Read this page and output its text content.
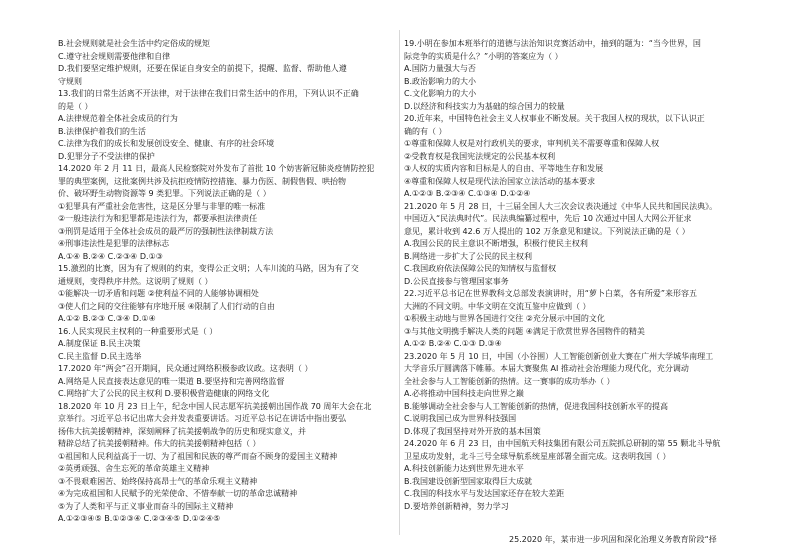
B.社会规则就是社会生活中约定俗成的规矩
C.遵守社会规则需要他律和自律
D.我们要坚定维护规则，还要在保证自身安全的前提下，提醒、监督、帮助他人遵
守规则
13.我们的日常生活离不开法律，对于法律在我们日常生活中的作用，下列认识不正确
的是（ ）
A.法律规范着全体社会成员的行为
B.法律保护着我们的生活
C.法律为我们的成长和发展创设安全、健康、有序的社会环境
D.犯罪分子不受法律的保护
14.2020 年 2 月 11 日，最高人民检察院对外发布了首批 10 个妨害新冠肺炎疫情防控犯
罪的典型案例，这批案例共涉及抗拒疫情防控措施、暴力伤医、制假售假、哄抬物
价、破坏野生动物资源等 9 类犯罪。下列说法正确的是（ ）
①犯罪具有严重社会危害性，这是区分罪与非罪的唯一标准
②一般违法行为和犯罪都是违法行为，都要承担法律责任
③刑罚是适用于全体社会成员的最严厉的强制性法律制裁方法
④刑事违法性是犯罪的法律标志
A.①④ B.②④ C.②③④ D.①③
15.激烈的比赛，因为有了规则的约束，变得公正文明；人车川流的马路，因为有了交
通规则，变得秩序井然。这说明了规则（ ）
①能解决一切矛盾和问题 ②使利益不同的人能够协调相处
③使人们之间的交往能够有序地开展 ④限制了人们行动的自由
A.①② B.②③ C.③④ D.①④
16.人民实现民主权利的一种重要形式是（ ）
A.制度保证 B.民主决策
C.民主监督 D.民主选举
17.2020 年“两会”召开期间，民众通过网络积极参政议政。这表明（ ）
A.网络是人民直接表达意见的唯一渠道 B.要坚持和完善网络监督
C.网络扩大了公民的民主权利 D.要积极营造健康的网络文化
18.2020 年 10 月 23 日上午，纪念中国人民志愿军抗美援朝出国作战 70 周年大会在北
京举行。习近平总书记出席大会并发表重要讲话。习近平总书记在讲话中指出要弘
扬伟大抗美援朝精神，深刻阐释了抗美援朝战争的历史和现实意义，并
精辟总结了抗美援朝精神。伟大的抗美援朝精神包括（ ）
①祖国和人民利益高于一切、为了祖国和民族的尊严而奋不顾身的爱国主义精神
②英勇顽强、舍生忘死的革命英雄主义精神
③不畏艰难困苦、始终保持高昂士气的革命乐观主义精神
④为完成祖国和人民赋予的光荣使命、不惜奉献一切的革命忠诚精神
⑤为了人类和平与正义事业而奋斗的国际主义精神
A.①②③④⑤ B.①②③④ C.②③④⑤ D.①②④⑤
19.小明在参加本班举行的道德与法治知识竞赛活动中，抽到的题为：“当今世界，国
际竞争的实质是什么？”小明的答案应为（ ）
A.国防力量强大与否
B.政治影响力的大小
C.文化影响力的大小
D.以经济和科技实力为基础的综合国力的较量
20.近年来，中国特色社会主义人权事业不断发展。关于我国人权的现状，以下认识正
确的有（ ）
①尊重和保障人权是对行政机关的要求，审判机关不需要尊重和保障人权
②受教育权是我国宪法规定的公民基本权利
③人权的实质内容和目标是人的自由、平等地生存和发展
④尊重和保障人权是现代法治国家立法活动的基本要求
A.①②③ B.②③④ C.①③④ D.①②④
21.2020 年 5 月 28 日，十三届全国人大三次会议表决通过《中华人民共和国民法典》。
中国迈入“民法典时代”。民法典编纂过程中，先后 10 次通过中国人大网公开征求
意见，累计收到 42.6 万人提出的 102 万条意见和建议。下列说法正确的是（ ）
A.我国公民的民主意识不断增强，积极行使民主权利
B.网络进一步扩大了公民的民主权利
C.我国政府依法保障公民的知情权与监督权
D.公民直接参与管理国家事务
22.习近平总书记在世界教科文总部发表演讲时，用“萝卜白菜，各有所爱”来形容五
大洲的不同文明。中华文明在交流互鉴中应做到（ ）
①积极主动地与世界各国进行交往 ②充分展示中国的文化
③与其他文明携手解决人类的问题 ④满足于欣赏世界各国物件的精美
A.①② B.②④ C.①③ D.③④
23.2020 年 5 月 10 日，中国（小谷围）人工智能创新创业大赛在广州大学城华南理工
大学音乐厅圆满落下帷幕。本届大赛聚焦 AI 推动社会治理能力现代化，充分调动
全社会参与人工智能创新的热情。这一赛事的成功举办（ ）
A.必将推动中国科技走向世界之巅
B.能够调动全社会参与人工智能创新的热情，促进我国科技创新水平的提高
C.说明我国已成为世界科技强国
D.体现了我国坚持对外开放的基本国策
24.2020 年 6 月 23 日，由中国航天科技集团有限公司五院抓总研制的第 55 颗北斗导航
卫星成功发射，北斗三号全球导航系统星座部署全面完成。这表明我国（ ）
A.科技创新能力达到世界先进水平
B.我国建设创新型国家取得巨大成就
C.我国的科技水平与发达国家还存在较大差距
D.要培养创新精神，努力学习
25.2020 年，某市进一步巩固和深化治理义务教育阶段“择
